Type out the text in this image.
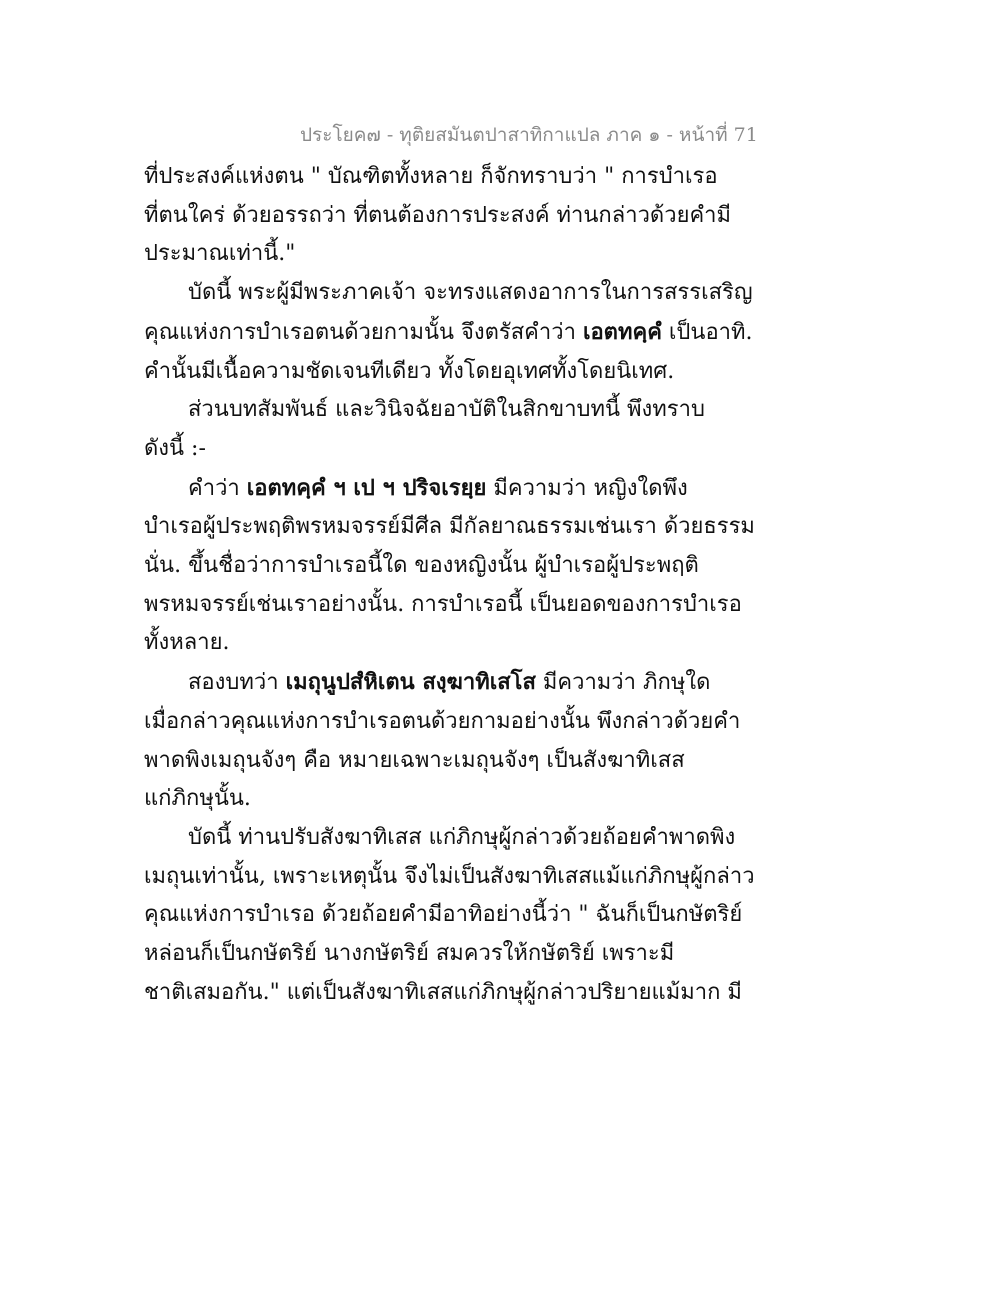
ประโยค๗ - ทุติยสมันตปาสาทิกาแปล ภาค ๑ - หน้าที่ 71
ที่ประสงค์แห่งตน " บัณฑิตทั้งหลาย ก็จักทราบว่า " การบำเรอ
ที่ตนใคร่ ด้วยอรรถว่า ที่ตนต้องการประสงค์ ท่านกล่าวด้วยคำมี
ประมาณเท่านี้."
บัดนี้ พระผู้มีพระภาคเจ้า จะทรงแสดงอาการในการสรรเสริญ
คุณแห่งการบำเรอตนด้วยกามนั้น จึงตรัสคำว่า เอตทคฺคํ เป็นอาทิ.
คำนั้นมีเนื้อความชัดเจนทีเดียว ทั้งโดยอุเทศทั้งโดยนิเทศ.
ส่วนบทสัมพันธ์ และวินิจฉัยอาบัติในสิกขาบทนี้ พึงทราบ
ดังนี้ :-
คำว่า เอตทคฺคํ ฯ เป ฯ ปริจเรยฺย มีความว่า หญิงใดพึง
บำเรอผู้ประพฤติพรหมจรรย์มีศีล มีกัลยาณธรรมเช่นเรา ด้วยธรรม
นั่น. ขึ้นชื่อว่าการบำเรอนี้ใด ของหญิงนั้น ผู้บำเรอผู้ประพฤติ
พรหมจรรย์เช่นเราอย่างนั้น. การบำเรอนี้ เป็นยอดของการบำเรอ
ทั้งหลาย.
สองบทว่า เมถุนูปสํหิเตน สงฺฆาทิเสโส มีความว่า ภิกษุใด
เมื่อกล่าวคุณแห่งการบำเรอตนด้วยกามอย่างนั้น พึงกล่าวด้วยคำ
พาดพิงเมถุนจังๆ คือ หมายเฉพาะเมถุนจังๆ เป็นสังฆาทิเสส
แก่ภิกษุนั้น.
บัดนี้ ท่านปรับสังฆาทิเสส แก่ภิกษุผู้กล่าวด้วยถ้อยคำพาดพิง
เมถุนเท่านั้น, เพราะเหตุนั้น จึงไม่เป็นสังฆาทิเสสแม้แก่ภิกษุผู้กล่าว
คุณแห่งการบำเรอ ด้วยถ้อยคำมีอาทิอย่างนี้ว่า " ฉันก็เป็นกษัตริย์
หล่อนก็เป็นกษัตริย์ นางกษัตริย์ สมควรให้กษัตริย์ เพราะมี
ชาติเสมอกัน." แต่เป็นสังฆาทิเสสแก่ภิกษุผู้กล่าวปริยายแม้มาก มี
